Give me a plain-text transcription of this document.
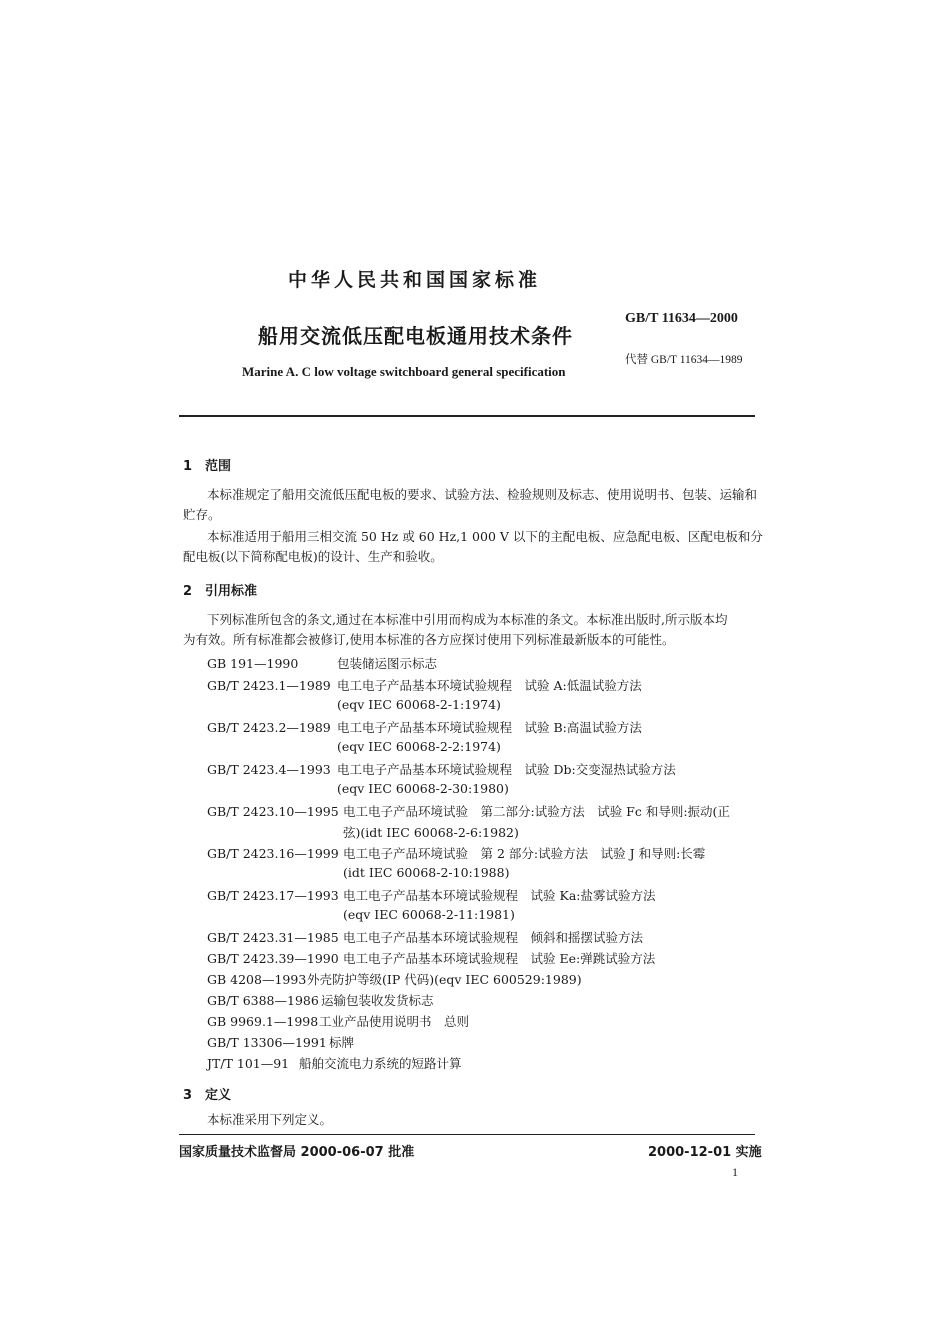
中华人民共和国国家标准
GB/T 11634—2000
船用交流低压配电板通用技术条件
代替 GB/T 11634—1989
Marine A. C low voltage switchboard general specification
1 范围
本标准规定了船用交流低压配电板的要求、试验方法、检验规则及标志、使用说明书、包装、运输和
贮存。
本标准适用于船用三相交流 50 Hz 或 60 Hz,1 000 V 以下的主配电板、应急配电板、区配电板和分
配电板(以下简称配电板)的设计、生产和验收。
2 引用标准
下列标准所包含的条文,通过在本标准中引用而构成为本标准的条文。本标准出版时,所示版本均
为有效。所有标准都会被修订,使用本标准的各方应探讨使用下列标准最新版本的可能性。
GB 191—1990	包装储运图示标志
GB/T 2423.1—1989 电工电子产品基本环境试验规程　试验 A:低温试验方法
(eqv IEC 60068-2-1:1974)
GB/T 2423.2—1989 电工电子产品基本环境试验规程　试验 B:高温试验方法
(eqv IEC 60068-2-2:1974)
GB/T 2423.4—1993 电工电子产品基本环境试验规程　试验 Db:交变湿热试验方法
(eqv IEC 60068-2-30:1980)
GB/T 2423.10—1995 电工电子产品环境试验　第二部分:试验方法　试验 Fc 和导则:振动(正
弦)(idt IEC 60068-2-6:1982)
GB/T 2423.16—1999 电工电子产品环境试验　第 2 部分:试验方法　试验 J 和导则:长霉
(idt IEC 60068-2-10:1988)
GB/T 2423.17—1993 电工电子产品基本环境试验规程　试验 Ka:盐雾试验方法
(eqv IEC 60068-2-11:1981)
GB/T 2423.31—1985 电工电子产品基本环境试验规程　倾斜和摇摆试验方法
GB/T 2423.39—1990 电工电子产品基本环境试验规程　试验 Ee:弹跳试验方法
GB 4208—1993外壳防护等级(IP 代码)(eqv IEC 600529:1989)
GB/T 6388—1986 运输包装收发货标志
GB 9969.1—1998工业产品使用说明书　总则
GB/T 13306—1991 标牌
JT/T 101—91 船舶交流电力系统的短路计算
3 定义
本标准采用下列定义。
国家质量技术监督局 2000-06-07 批准	2000-12-01 实施
1
